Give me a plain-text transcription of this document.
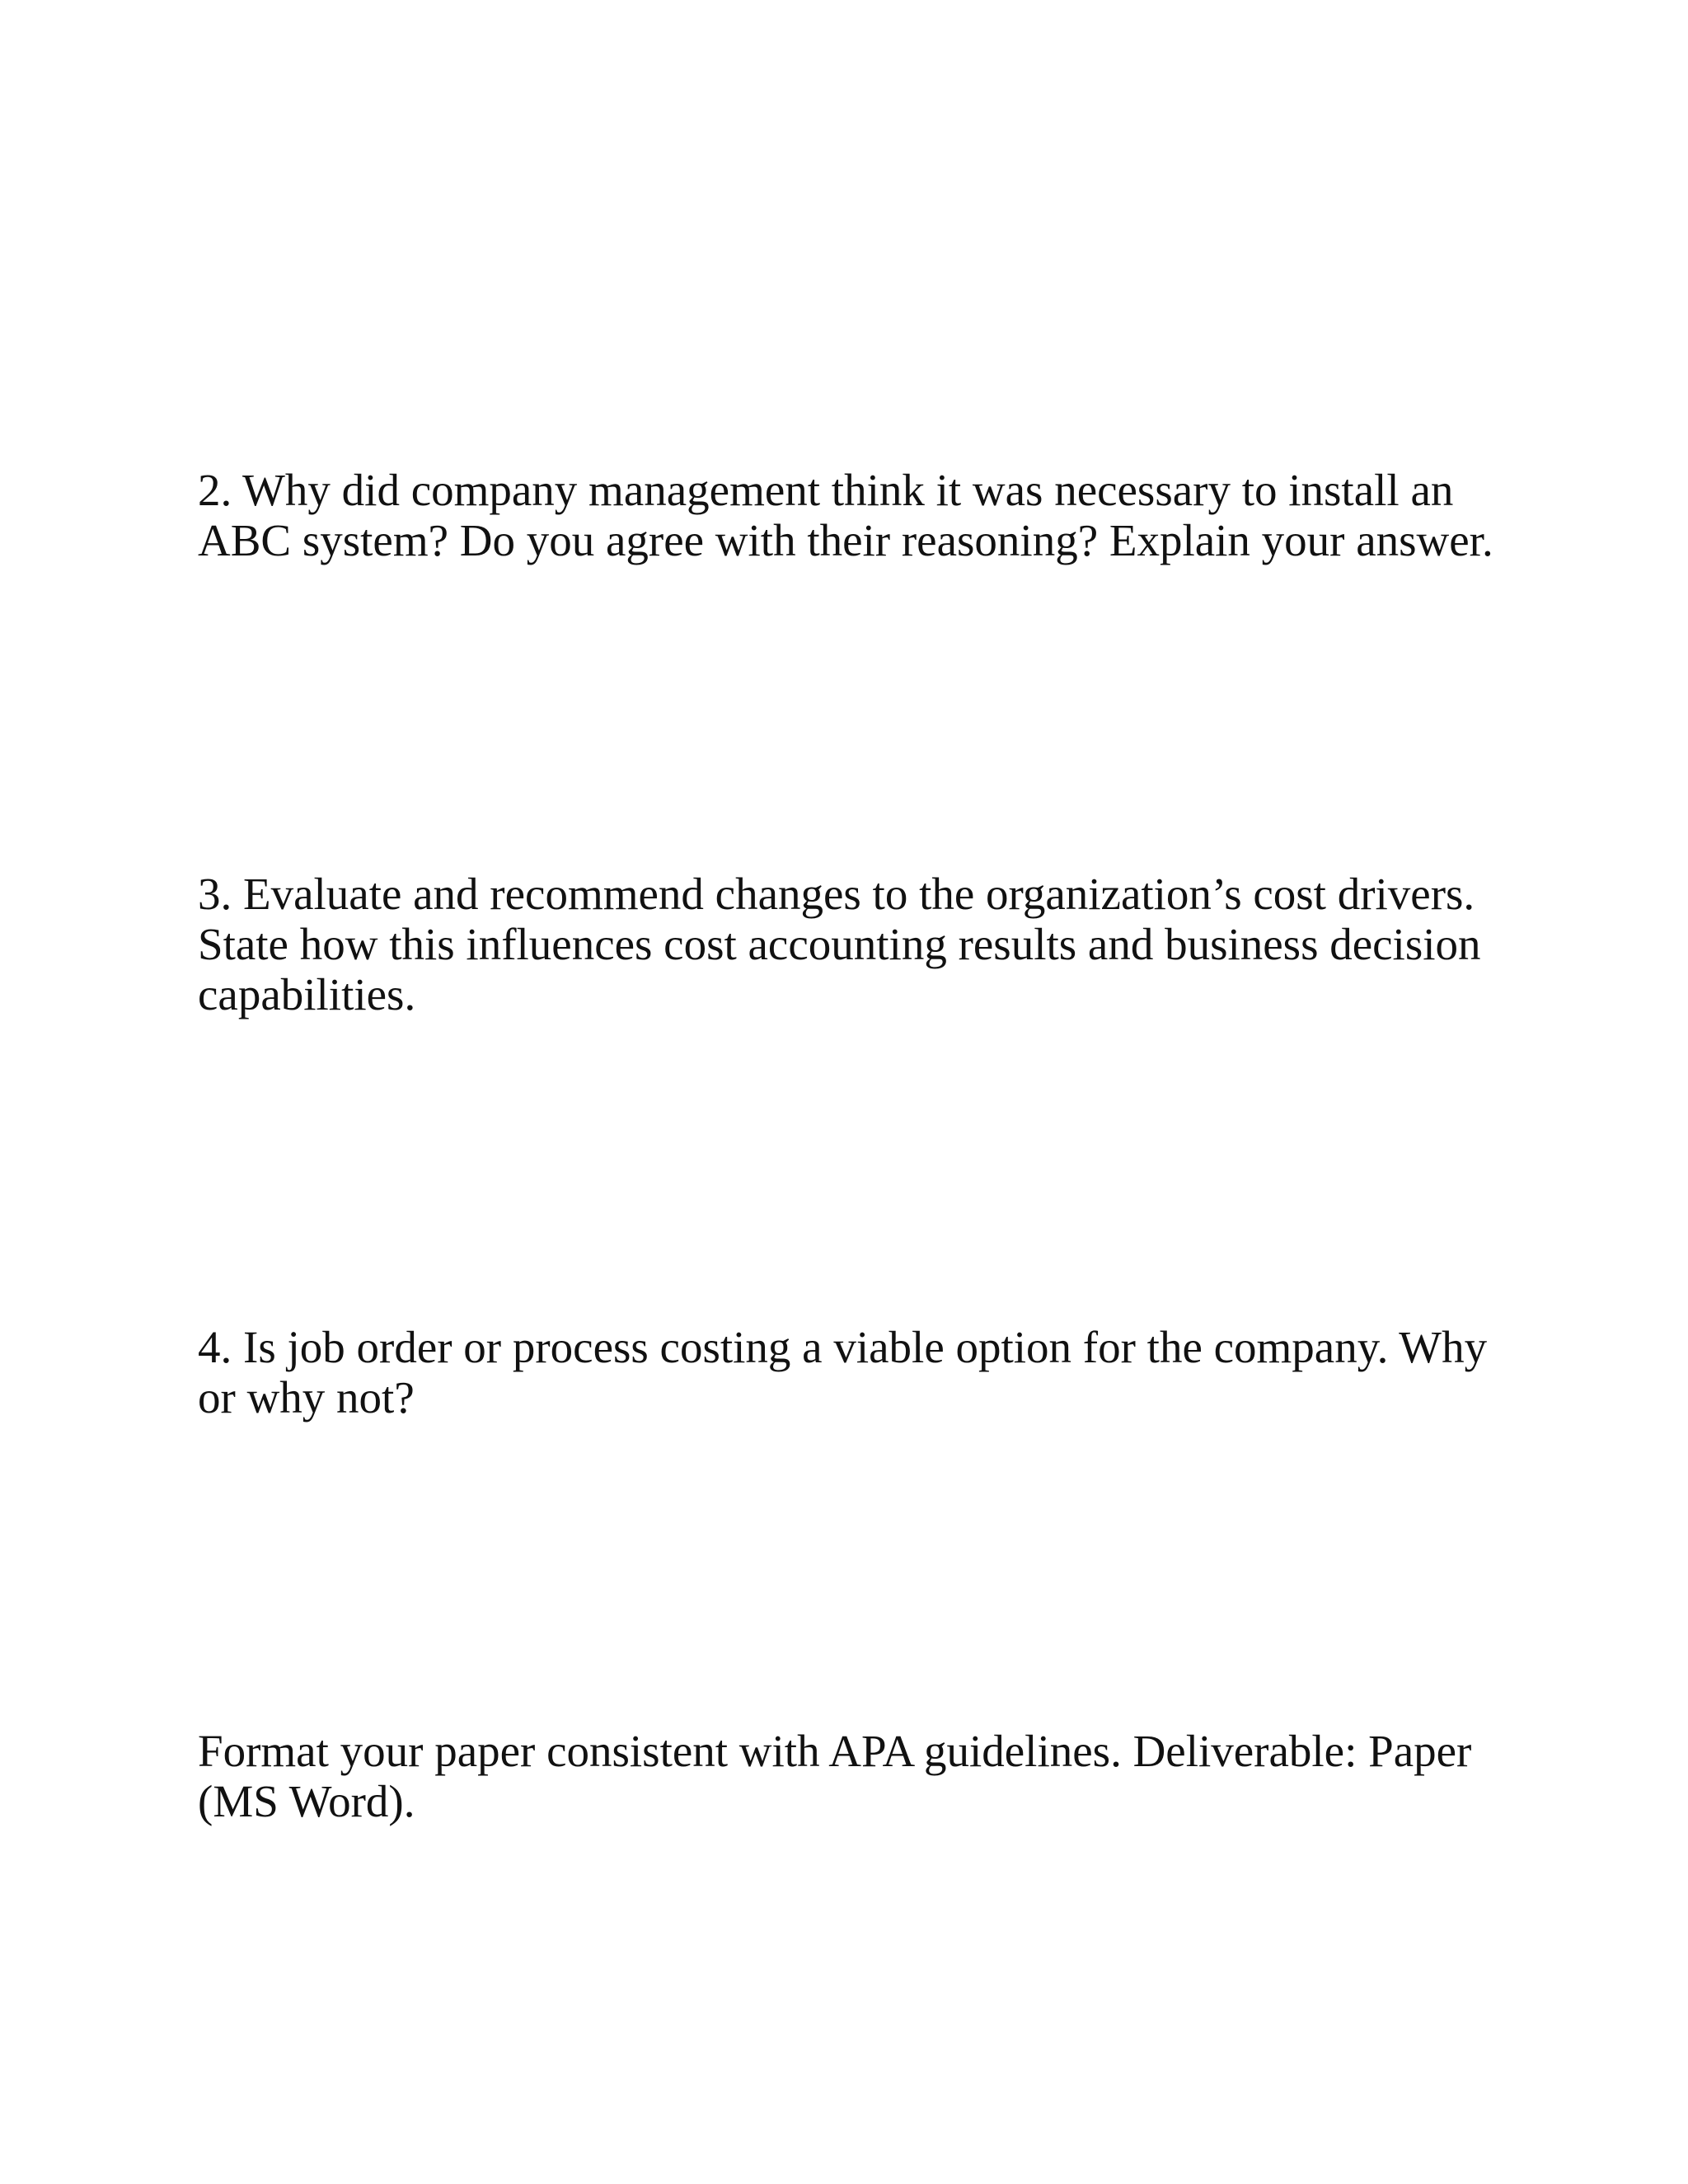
2. Why did company management think it was necessary to install an
ABC system? Do you agree with their reasoning? Explain your answer.

3. Evaluate and recommend changes to the organization’s cost drivers.
State how this influences cost accounting results and business decision
capabilities.

4. Is job order or process costing a viable option for the company. Why
or why not?

Format your paper consistent with APA guidelines. Deliverable: Paper
(MS Word).
